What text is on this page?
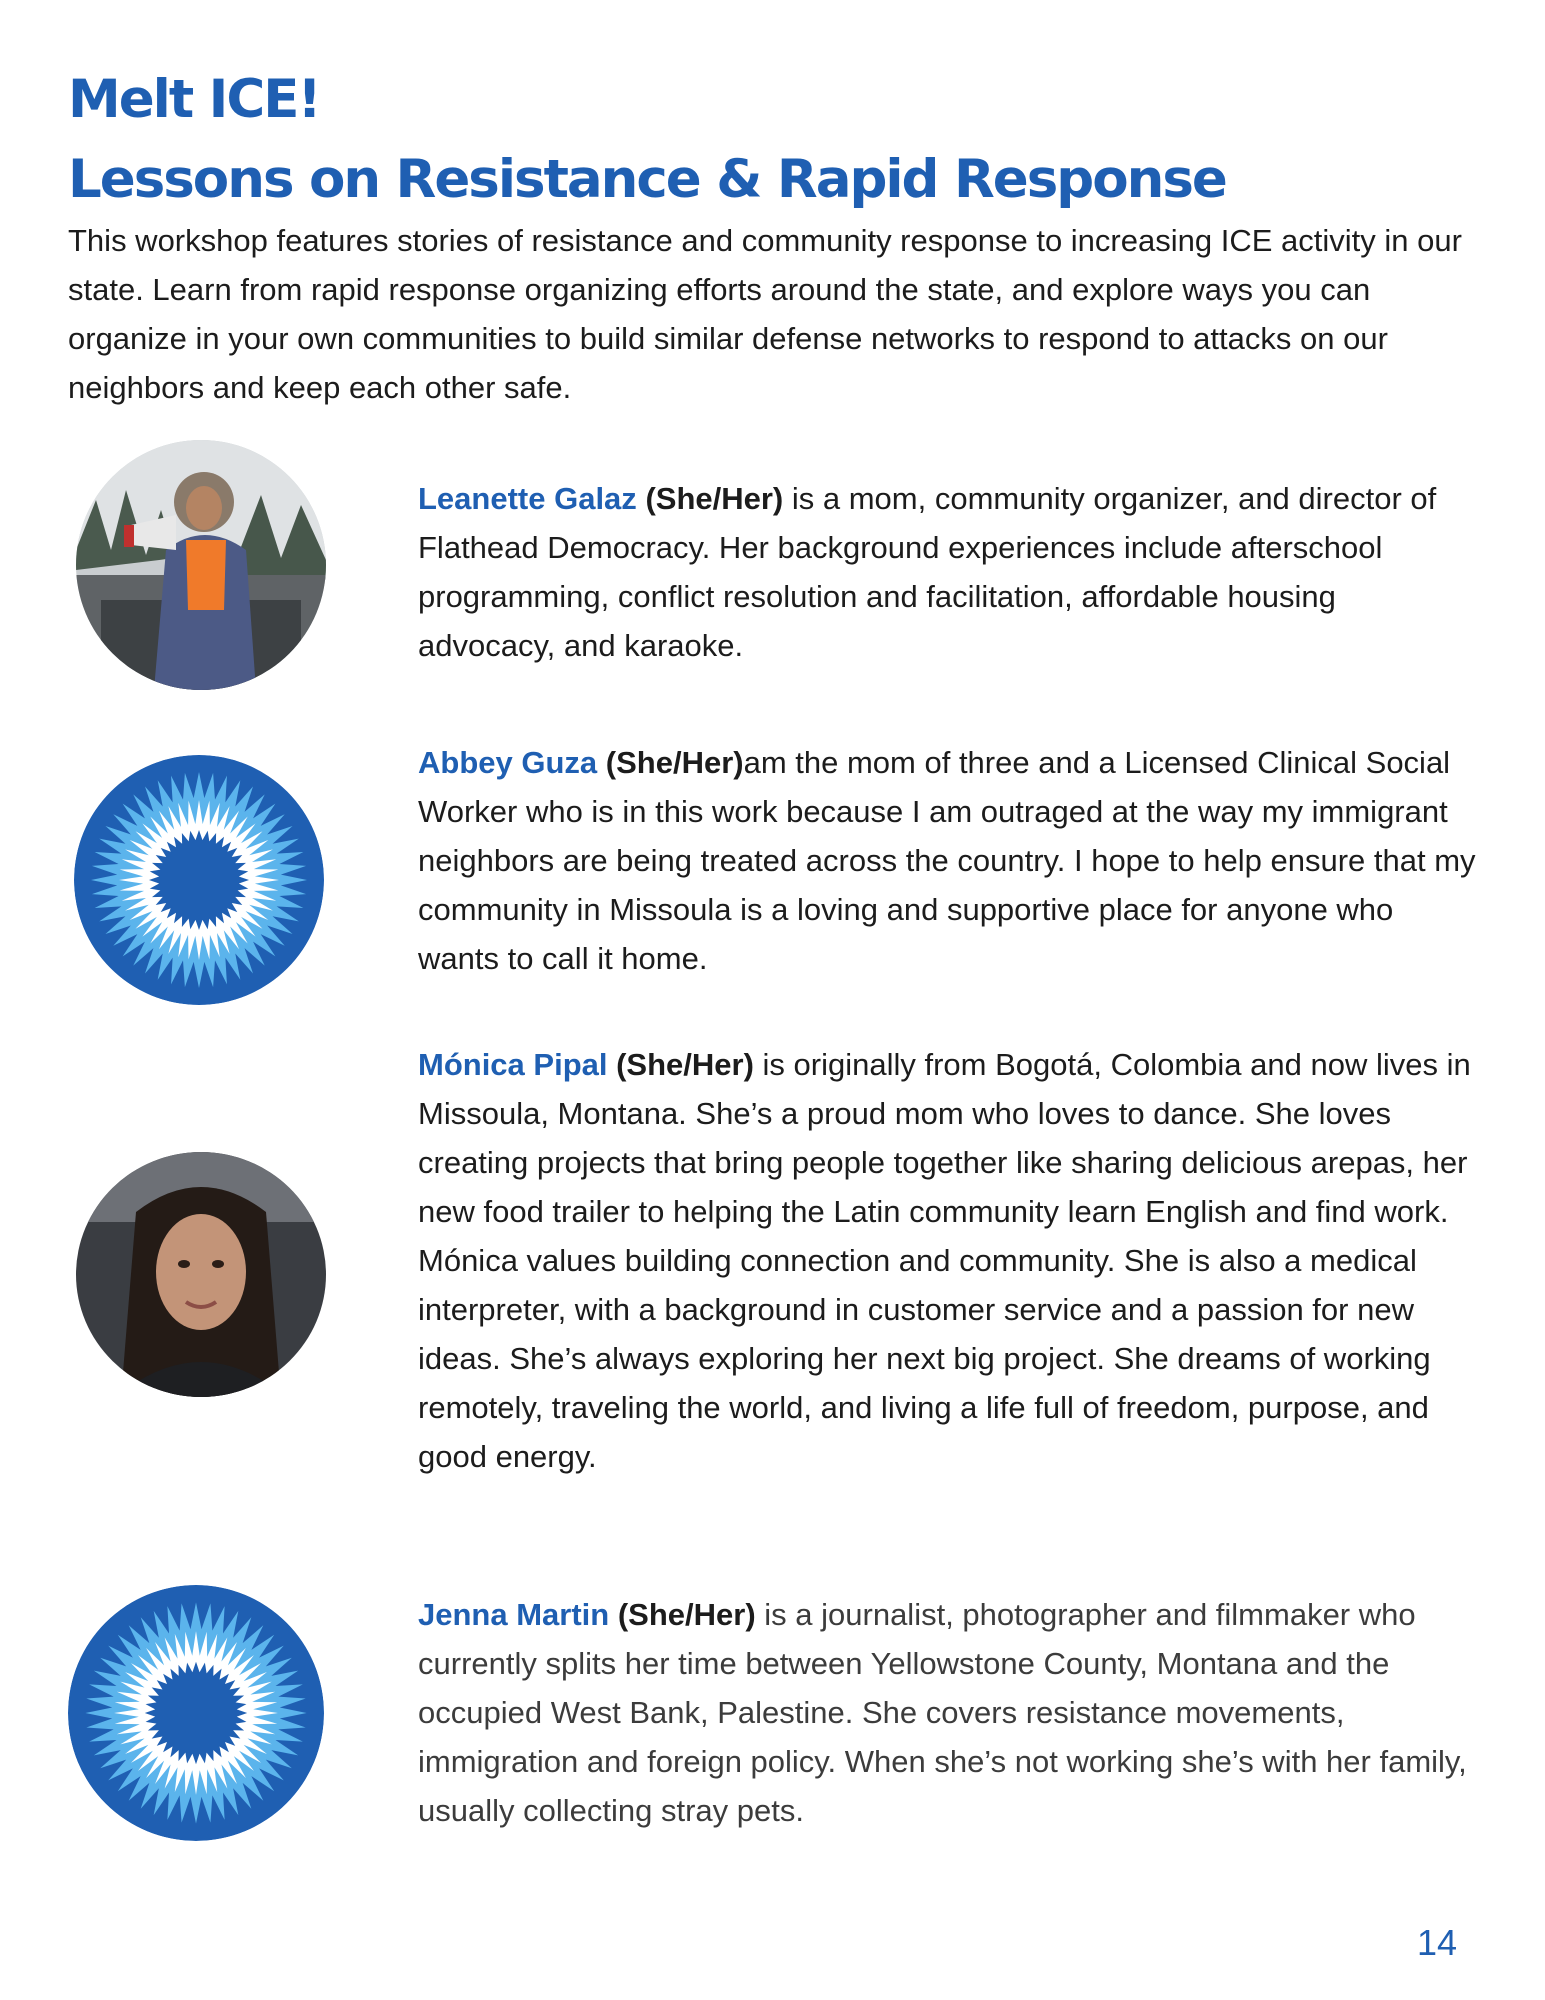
Melt ICE!
Lessons on Resistance & Rapid Response

This workshop features stories of resistance and community response to increasing ICE activity in our state. Learn from rapid response organizing efforts around the state, and explore ways you can organize in your own communities to build similar defense networks to respond to attacks on our neighbors and keep each other safe.

Leanette Galaz (She/Her) is a mom, community organizer, and director of Flathead Democracy. Her background experiences include afterschool programming, conflict resolution and facilitation, affordable housing advocacy, and karaoke.

Abbey Guza (She/Her)am the mom of three and a Licensed Clinical Social Worker who is in this work because I am outraged at the way my immigrant neighbors are being treated across the country. I hope to help ensure that my community in Missoula is a loving and supportive place for anyone who wants to call it home.

Mónica Pipal (She/Her) is originally from Bogotá, Colombia and now lives in Missoula, Montana. She’s a proud mom who loves to dance. She loves creating projects that bring people together like sharing delicious arepas, her new food trailer to helping the Latin community learn English and find work. Mónica values building connection and community. She is also a medical interpreter, with a background in customer service and a passion for new ideas. She’s always exploring her next big project. She dreams of working remotely, traveling the world, and living a life full of freedom, purpose, and good energy.

Jenna Martin (She/Her) is a journalist, photographer and filmmaker who currently splits her time between Yellowstone County, Montana and the occupied West Bank, Palestine. She covers resistance movements, immigration and foreign policy. When she’s not working she’s with her family, usually collecting stray pets.

14
